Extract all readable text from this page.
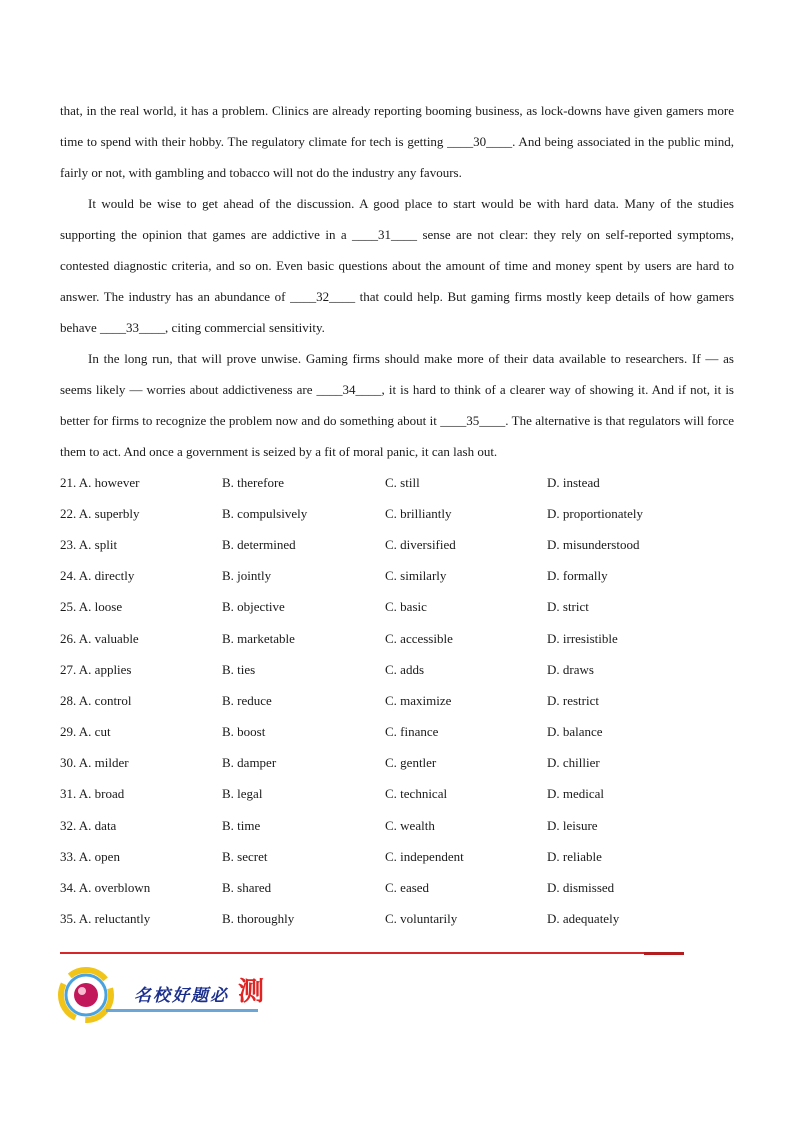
that, in the real world, it has a problem. Clinics are already reporting booming business, as lock-downs have given gamers more time to spend with their hobby. The regulatory climate for tech is getting ____30____. And being associated in the public mind, fairly or not, with gambling and tobacco will not do the industry any favours.

It would be wise to get ahead of the discussion. A good place to start would be with hard data. Many of the studies supporting the opinion that games are addictive in a ____31____ sense are not clear: they rely on self-reported symptoms, contested diagnostic criteria, and so on. Even basic questions about the amount of time and money spent by users are hard to answer. The industry has an abundance of ____32____ that could help. But gaming firms mostly keep details of how gamers behave ____33____, citing commercial sensitivity.

In the long run, that will prove unwise. Gaming firms should make more of their data available to researchers. If — as seems likely — worries about addictiveness are ____34____, it is hard to think of a clearer way of showing it. And if not, it is better for firms to recognize the problem now and do something about it ____35____. The alternative is that regulators will force them to act. And once a government is seized by a fit of moral panic, it can lash out.

21. A. however	B. therefore	C. still	D. instead
22. A. superbly	B. compulsively	C. brilliantly	D. proportionately
23. A. split	B. determined	C. diversified	D. misunderstood
24. A. directly	B. jointly	C. similarly	D. formally
25. A. loose	B. objective	C. basic	D. strict
26. A. valuable	B. marketable	C. accessible	D. irresistible
27. A. applies	B. ties	C. adds	D. draws
28. A. control	B. reduce	C. maximize	D. restrict
29. A. cut	B. boost	C. finance	D. balance
30. A. milder	B. damper	C. gentler	D. chillier
31. A. broad	B. legal	C. technical	D. medical
32. A. data	B. time	C. wealth	D. leisure
33. A. open	B. secret	C. independent	D. reliable
34. A. overblown	B. shared	C. eased	D. dismissed
35. A. reluctantly	B. thoroughly	C. voluntarily	D. adequately
名校好题必 测
